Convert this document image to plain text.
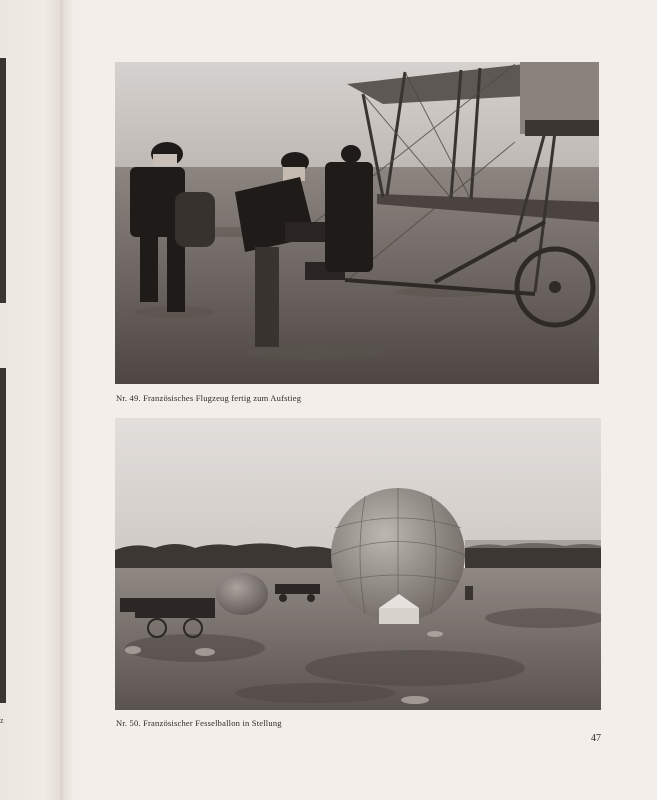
z
Nr. 49. Französisches Flugzeug fertig zum Aufstieg
Nr. 50. Französischer Fesselballon in Stellung
47
